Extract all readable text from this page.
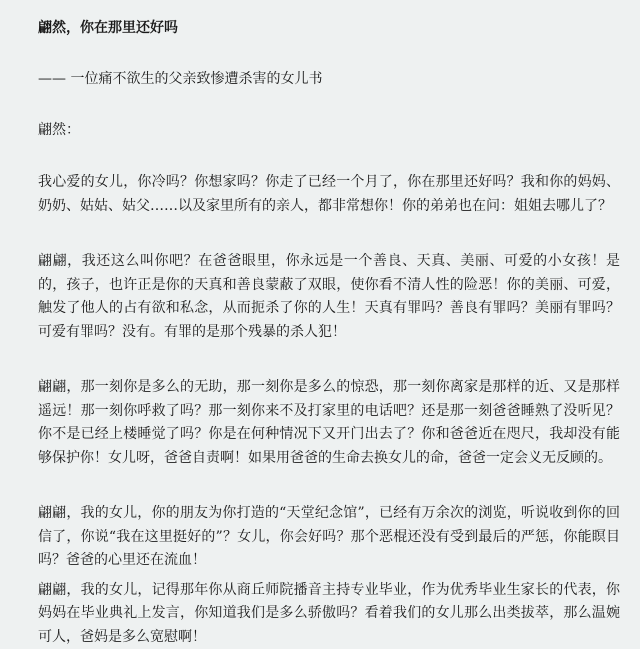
翩然，你在那里还好吗
—— 一位痛不欲生的父亲致惨遭杀害的女儿书
翩然：

我心爱的女儿，你冷吗？你想家吗？你走了已经一个月了，你在那里还好吗？我和你的妈妈、奶奶、姑姑、姑父……以及家里所有的亲人，都非常想你！你的弟弟也在问：姐姐去哪儿了？

翩翩，我还这么叫你吧？在爸爸眼里，你永远是一个善良、天真、美丽、可爱的小女孩！是的，孩子，也许正是你的天真和善良蒙蔽了双眼，使你看不清人性的险恶！你的美丽、可爱，触发了他人的占有欲和私念，从而扼杀了你的人生！天真有罪吗？善良有罪吗？美丽有罪吗？可爱有罪吗？没有。有罪的是那个残暴的杀人犯！

翩翩，那一刻你是多么的无助，那一刻你是多么的惊恐，那一刻你离家是那样的近、又是那样遥远！那一刻你呼救了吗？那一刻你来不及打家里的电话吧？还是那一刻爸爸睡熟了没听见？你不是已经上楼睡觉了吗？你是在何种情况下又开门出去了？你和爸爸近在咫尺，我却没有能够保护你！女儿呀，爸爸自责啊！如果用爸爸的生命去换女儿的命，爸爸一定会义无反顾的。

翩翩，我的女儿，你的朋友为你打造的“天堂纪念馆”，已经有万余次的浏览，听说收到你的回信了，你说“我在这里挺好的”？女儿，你会好吗？那个恶棍还没有受到最后的严惩，你能瞑目吗？爸爸的心里还在流血！

翩翩，我的女儿，记得那年你从商丘师院播音主持专业毕业，作为优秀毕业生家长的代表，你妈妈在毕业典礼上发言，你知道我们是多么骄傲吗？看着我们的女儿那么出类拔萃，那么温婉可人，爸妈是多么宽慰啊！
